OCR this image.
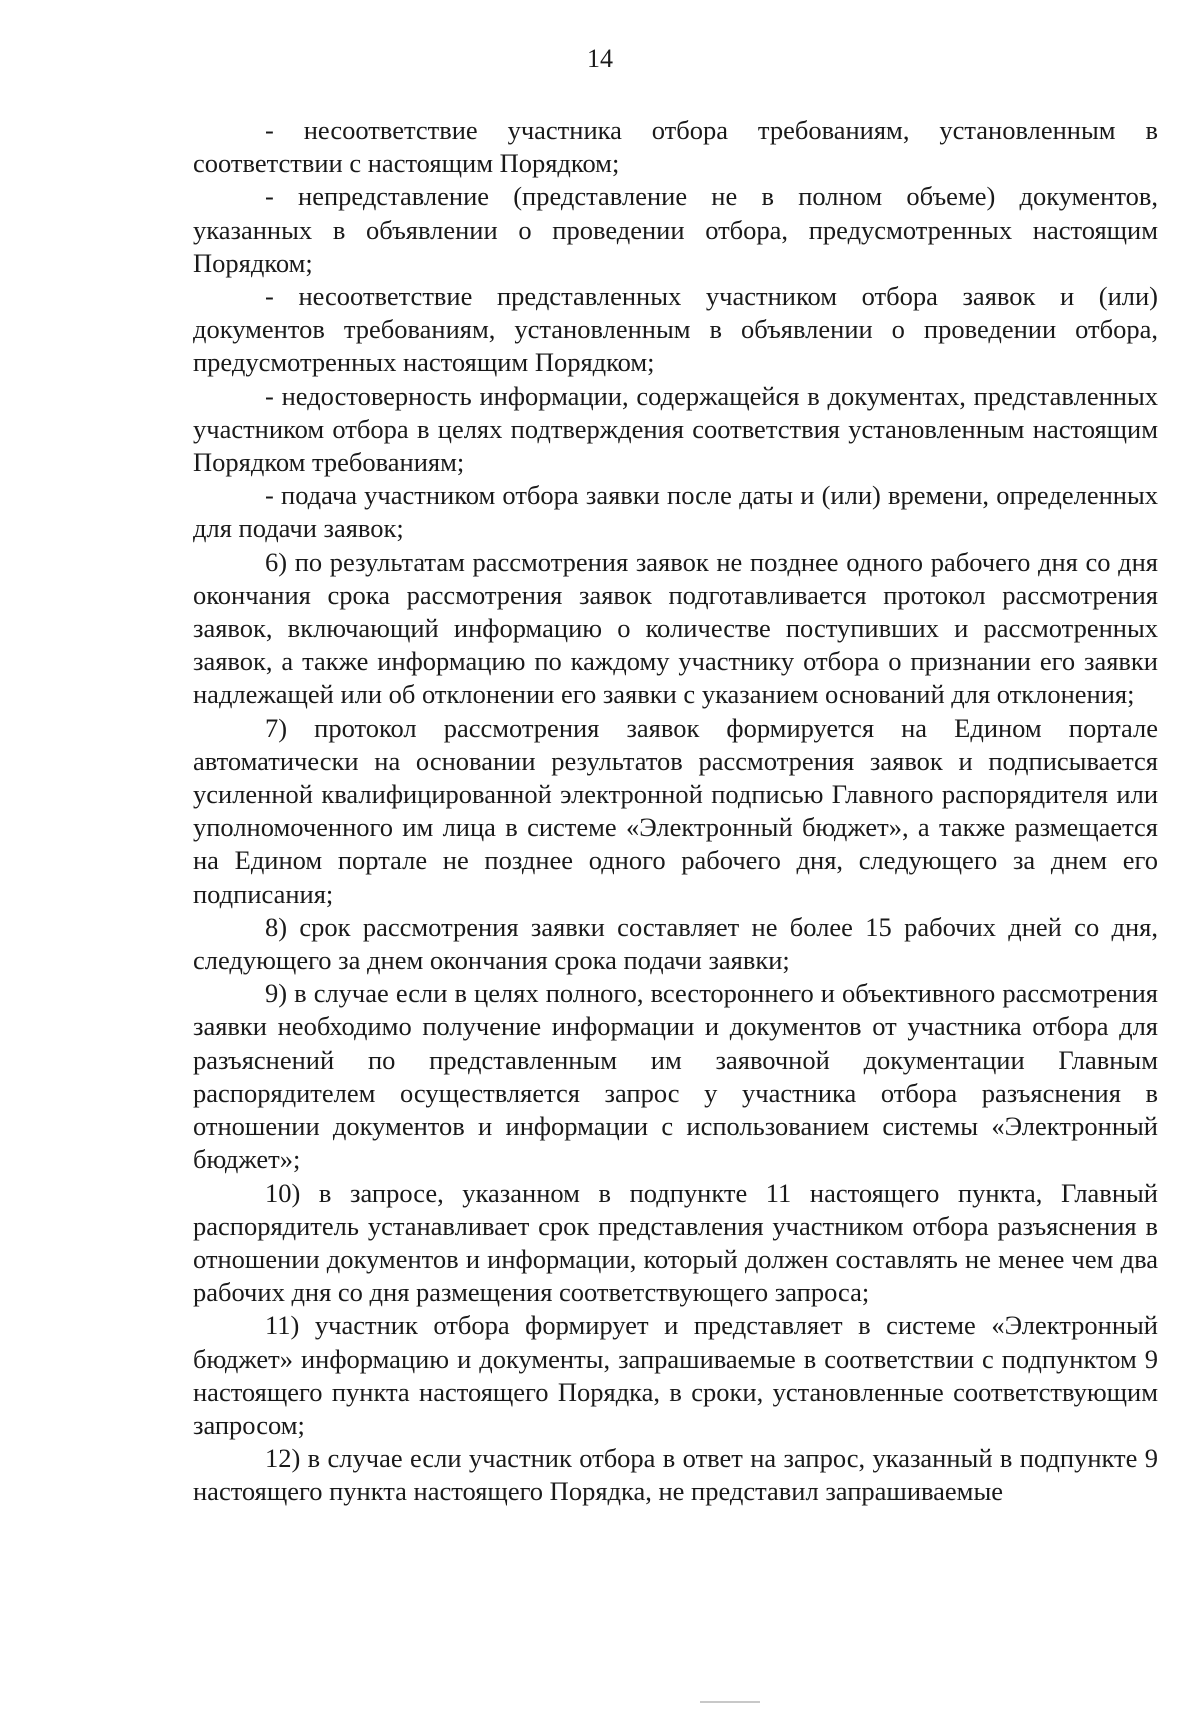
14

- несоответствие участника отбора требованиям, установленным в соответствии с настоящим Порядком;

- непредставление (представление не в полном объеме) документов, указанных в объявлении о проведении отбора, предусмотренных настоящим Порядком;

- несоответствие представленных участником отбора заявок и (или) документов требованиям, установленным в объявлении о проведении отбора, предусмотренных настоящим Порядком;

- недостоверность информации, содержащейся в документах, представленных участником отбора в целях подтверждения соответствия установленным настоящим Порядком требованиям;

- подача участником отбора заявки после даты и (или) времени, определенных для подачи заявок;

6) по результатам рассмотрения заявок не позднее одного рабочего дня со дня окончания срока рассмотрения заявок подготавливается протокол рассмотрения заявок, включающий информацию о количестве поступивших и рассмотренных заявок, а также информацию по каждому участнику отбора о признании его заявки надлежащей или об отклонении его заявки с указанием оснований для отклонения;

7) протокол рассмотрения заявок формируется на Едином портале автоматически на основании результатов рассмотрения заявок и подписывается усиленной квалифицированной электронной подписью Главного распорядителя или уполномоченного им лица в системе «Электронный бюджет», а также размещается на Едином портале не позднее одного рабочего дня, следующего за днем его подписания;

8) срок рассмотрения заявки составляет не более 15 рабочих дней со дня, следующего за днем окончания срока подачи заявки;

9) в случае если в целях полного, всестороннего и объективного рассмотрения заявки необходимо получение информации и документов от участника отбора для разъяснений по представленным им заявочной документации Главным распорядителем осуществляется запрос у участника отбора разъяснения в отношении документов и информации с использованием системы «Электронный бюджет»;

10) в запросе, указанном в подпункте 11 настоящего пункта, Главный распорядитель устанавливает срок представления участником отбора разъяснения в отношении документов и информации, который должен составлять не менее чем два рабочих дня со дня размещения соответствующего запроса;

11) участник отбора формирует и представляет в системе «Электронный бюджет» информацию и документы, запрашиваемые в соответствии с подпунктом 9 настоящего пункта настоящего Порядка, в сроки, установленные соответствующим запросом;

12) в случае если участник отбора в ответ на запрос, указанный в подпункте 9 настоящего пункта настоящего Порядка, не представил запрашиваемые
